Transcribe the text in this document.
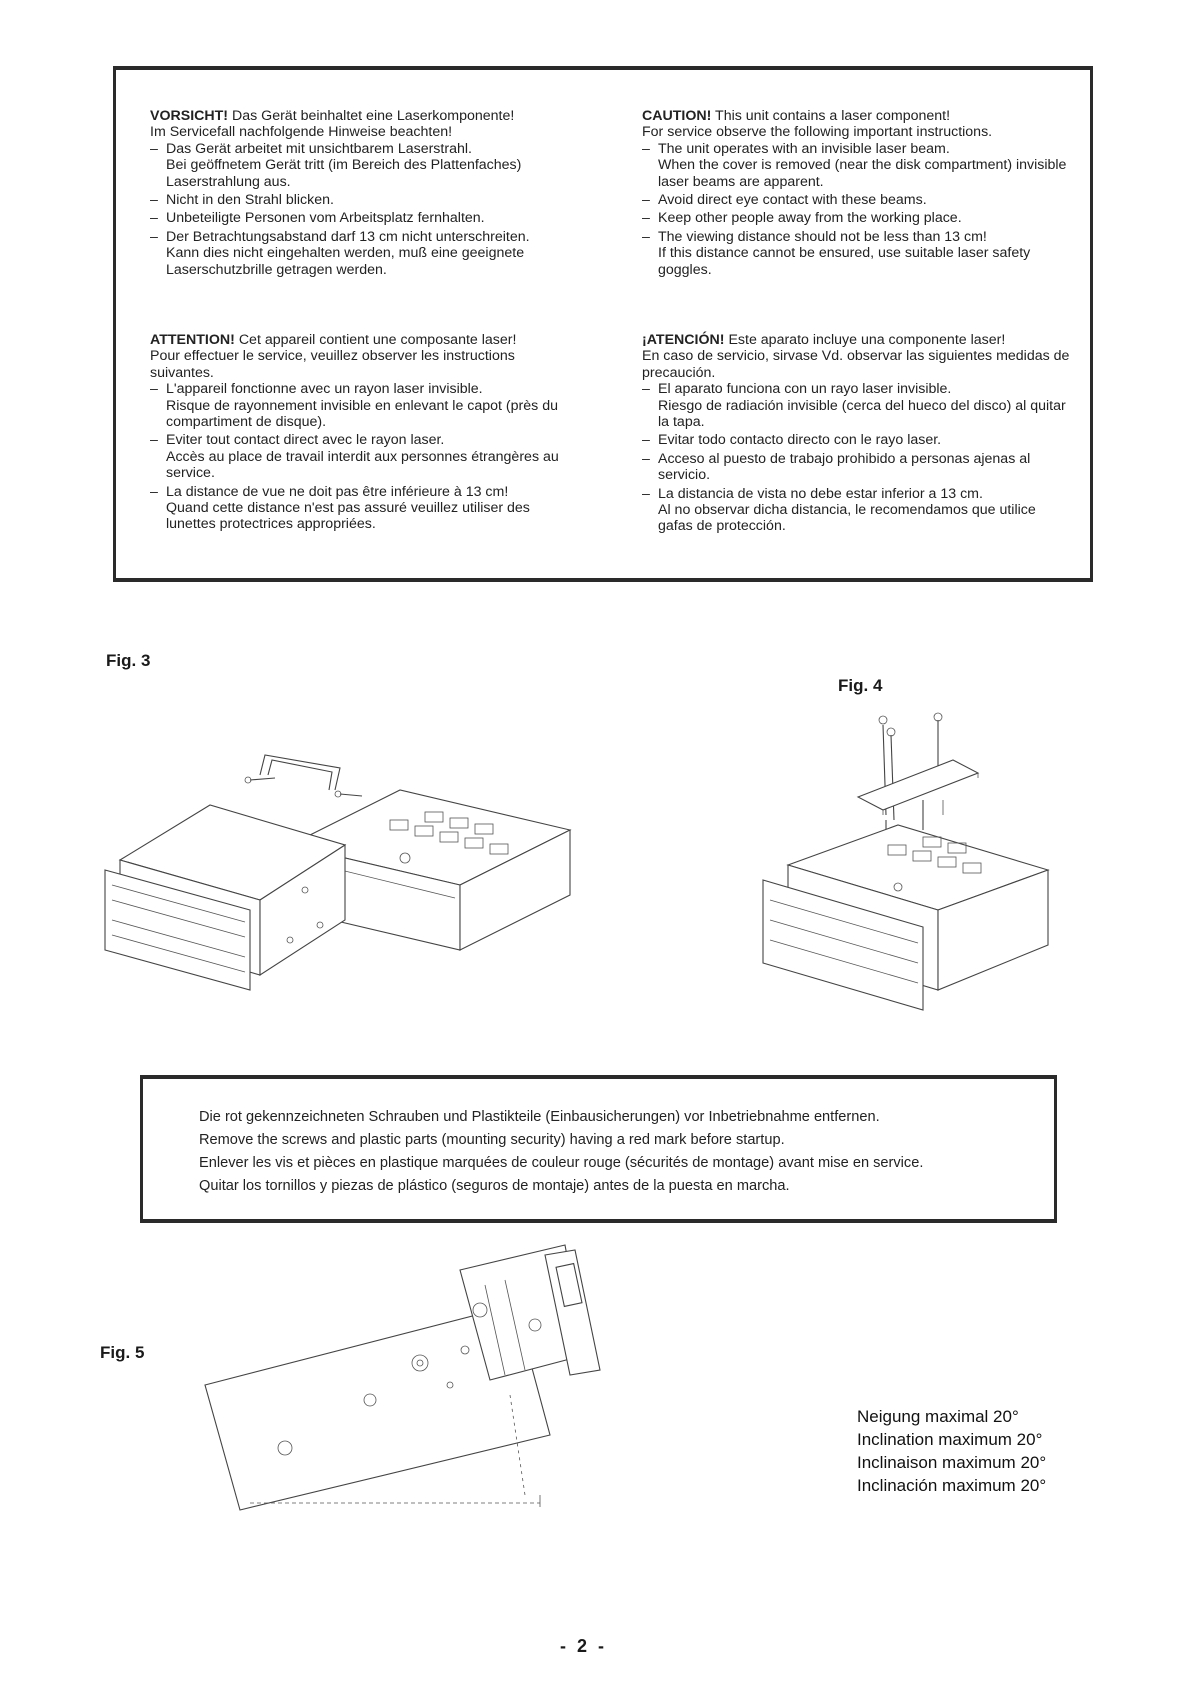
VORSICHT! Das Gerät beinhaltet eine Laserkomponente!
Im Servicefall nachfolgende Hinweise beachten!
– Das Gerät arbeitet mit unsichtbarem Laserstrahl.
Bei geöffnetem Gerät tritt (im Bereich des Plattenfaches) Laserstrahlung aus.
– Nicht in den Strahl blicken.
– Unbeteiligte Personen vom Arbeitsplatz fernhalten.
– Der Betrachtungsabstand darf 13 cm nicht unterschreiten.
Kann dies nicht eingehalten werden, muß eine geeignete Laserschutzbrille getragen werden.
CAUTION! This unit contains a laser component!
For service observe the following important instructions.
– The unit operates with an invisible laser beam.
When the cover is removed (near the disk compartment) invisible laser beams are apparent.
– Avoid direct eye contact with these beams.
– Keep other people away from the working place.
– The viewing distance should not be less than 13 cm!
If this distance cannot be ensured, use suitable laser safety goggles.
ATTENTION! Cet appareil contient une composante laser!
Pour effectuer le service, veuillez observer les instructions suivantes.
– L'appareil fonctionne avec un rayon laser invisible.
Risque de rayonnement invisible en enlevant le capot (près du compartiment de disque).
– Eviter tout contact direct avec le rayon laser.
Accès au place de travail interdit aux personnes étrangères au service.
– La distance de vue ne doit pas être inférieure à 13 cm!
Quand cette distance n'est pas assuré veuillez utiliser des lunettes protectrices appropriées.
¡ATENCIÓN! Este aparato incluye una componente laser!
En caso de servicio, sirvase Vd. observar las siguientes medidas de precaución.
– El aparato funciona con un rayo laser invisible.
Riesgo de radiación invisible (cerca del hueco del disco) al quitar la tapa.
– Evitar todo contacto directo con le rayo laser.
– Acceso al puesto de trabajo prohibido a personas ajenas al servicio.
– La distancia de vista no debe estar inferior a 13 cm.
Al no observar dicha distancia, le recomendamos que utilice gafas de protección.
Fig. 3
Fig. 4
Fig. 5

Die rot gekennzeichneten Schrauben und Plastikteile (Einbausicherungen) vor Inbetriebnahme entfernen.

Remove the screws and plastic parts (mounting security) having a red mark before startup.

Enlever les vis et pièces en plastique marquées de couleur rouge (sécurités de montage) avant mise en service.

Quitar los tornillos y piezas de plástico (seguros de montaje) antes de la puesta en marcha.

Neigung maximal 20°
Inclination maximum 20°
Inclinaison maximum 20°
Inclinación maximum 20°
- 2 -
